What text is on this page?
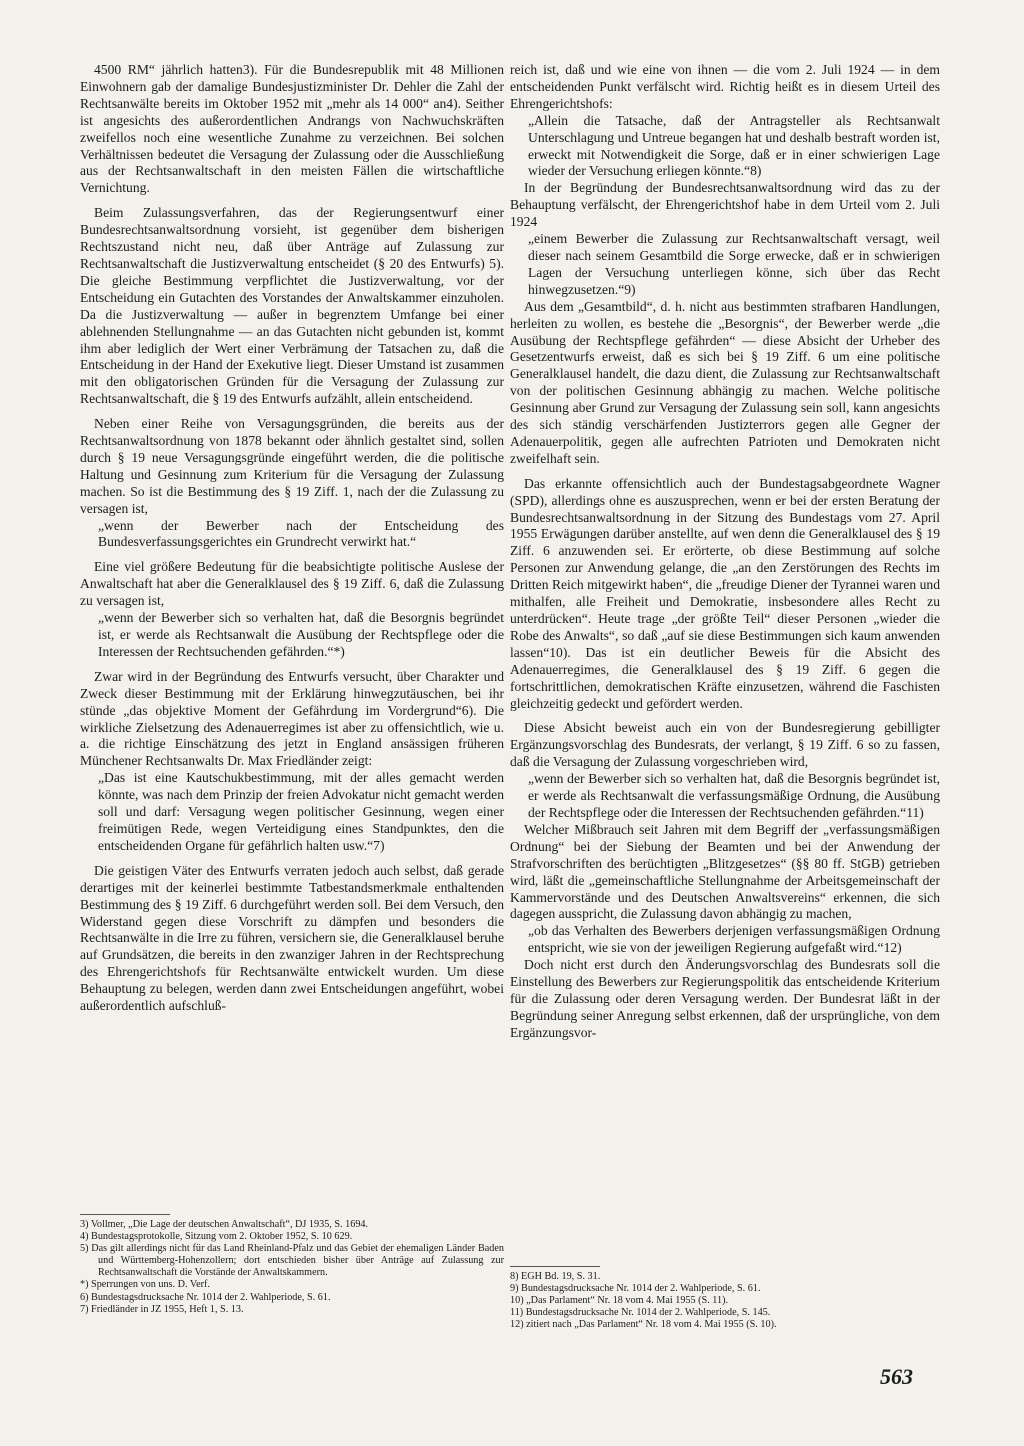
4500 RM“ jährlich hatten3). Für die Bundesrepublik mit 48 Millionen Einwohnern gab der damalige Bundesjustizminister Dr. Dehler die Zahl der Rechtsanwälte bereits im Oktober 1952 mit „mehr als 14 000“ an4). Seither ist angesichts des außerordentlichen Andrangs von Nachwuchskräften zweifellos noch eine wesentliche Zunahme zu verzeichnen. Bei solchen Verhältnissen bedeutet die Versagung der Zulassung oder die Ausschließung aus der Rechtsanwaltschaft in den meisten Fällen die wirtschaftliche Vernichtung.

Beim Zulassungsverfahren, das der Regierungsentwurf einer Bundesrechtsanwaltsordnung vorsieht, ist gegenüber dem bisherigen Rechtszustand nicht neu, daß über Anträge auf Zulassung zur Rechtsanwaltschaft die Justizverwaltung entscheidet (§ 20 des Entwurfs) 5). Die gleiche Bestimmung verpflichtet die Justizverwaltung, vor der Entscheidung ein Gutachten des Vorstandes der Anwaltskammer einzuholen. Da die Justizverwaltung — außer in begrenztem Umfange bei einer ablehnenden Stellungnahme — an das Gutachten nicht gebunden ist, kommt ihm aber lediglich der Wert einer Verbrämung der Tatsachen zu, daß die Entscheidung in der Hand der Exekutive liegt. Dieser Umstand ist zusammen mit den obligatorischen Gründen für die Versagung der Zulassung zur Rechtsanwaltschaft, die § 19 des Entwurfs aufzählt, allein entscheidend.

Neben einer Reihe von Versagungsgründen, die bereits aus der Rechtsanwaltsordnung von 1878 bekannt oder ähnlich gestaltet sind, sollen durch § 19 neue Versagungsgründe eingeführt werden, die die politische Haltung und Gesinnung zum Kriterium für die Versagung der Zulassung machen. So ist die Bestimmung des § 19 Ziff. 1, nach der die Zulassung zu versagen ist,

„wenn der Bewerber nach der Entscheidung des Bundesverfassungsgerichtes ein Grundrecht verwirkt hat.“

Eine viel größere Bedeutung für die beabsichtigte politische Auslese der Anwaltschaft hat aber die Generalklausel des § 19 Ziff. 6, daß die Zulassung zu versagen ist,

„wenn der Bewerber sich so verhalten hat, daß die Besorgnis begründet ist, er werde als Rechtsanwalt die Ausübung der Rechtspflege oder die Interessen der Rechtsuchenden gefährden.“*)

Zwar wird in der Begründung des Entwurfs versucht, über Charakter und Zweck dieser Bestimmung mit der Erklärung hinwegzutäuschen, bei ihr stünde „das objektive Moment der Gefährdung im Vordergrund“6). Die wirkliche Zielsetzung des Adenauerregimes ist aber zu offensichtlich, wie u. a. die richtige Einschätzung des jetzt in England ansässigen früheren Münchener Rechtsanwalts Dr. Max Friedländer zeigt:

„Das ist eine Kautschukbestimmung, mit der alles gemacht werden könnte, was nach dem Prinzip der freien Advokatur nicht gemacht werden soll und darf: Versagung wegen politischer Gesinnung, wegen einer freimütigen Rede, wegen Verteidigung eines Standpunktes, den die entscheidenden Organe für gefährlich halten usw.“7)

Die geistigen Väter des Entwurfs verraten jedoch auch selbst, daß gerade derartiges mit der keinerlei bestimmte Tatbestandsmerkmale enthaltenden Bestimmung des § 19 Ziff. 6 durchgeführt werden soll. Bei dem Versuch, den Widerstand gegen diese Vorschrift zu dämpfen und besonders die Rechtsanwälte in die Irre zu führen, versichern sie, die Generalklausel beruhe auf Grundsätzen, die bereits in den zwanziger Jahren in der Rechtsprechung des Ehrengerichtshofs für Rechtsanwälte entwickelt wurden. Um diese Behauptung zu belegen, werden dann zwei Entscheidungen angeführt, wobei außerordentlich aufschluß-

3) Vollmer, „Die Lage der deutschen Anwaltschaft“, DJ 1935, S. 1694.

4) Bundestagsprotokolle, Sitzung vom 2. Oktober 1952, S. 10 629.

5) Das gilt allerdings nicht für das Land Rheinland-Pfalz und das Gebiet der ehemaligen Länder Baden und Württemberg-Hohenzollern; dort entschieden bisher über Anträge auf Zulassung zur Rechtsanwaltschaft die Vorstände der Anwaltskammern.

*) Sperrungen von uns. D. Verf.

6) Bundestagsdrucksache Nr. 1014 der 2. Wahlperiode, S. 61.

7) Friedländer in JZ 1955, Heft 1, S. 13.

reich ist, daß und wie eine von ihnen — die vom 2. Juli 1924 — in dem entscheidenden Punkt verfälscht wird. Richtig heißt es in diesem Urteil des Ehrengerichtshofs:

„Allein die Tatsache, daß der Antragsteller als Rechtsanwalt Unterschlagung und Untreue begangen hat und deshalb bestraft worden ist, erweckt mit Notwendigkeit die Sorge, daß er in einer schwierigen Lage wieder der Versuchung erliegen könnte.“8)

In der Begründung der Bundesrechtsanwaltsordnung wird das zu der Behauptung verfälscht, der Ehrengerichtshof habe in dem Urteil vom 2. Juli 1924

„einem Bewerber die Zulassung zur Rechtsanwaltschaft versagt, weil dieser nach seinem Gesamtbild die Sorge erwecke, daß er in schwierigen Lagen der Versuchung unterliegen könne, sich über das Recht hinwegzusetzen.“9)

Aus dem „Gesamtbild“, d. h. nicht aus bestimmten strafbaren Handlungen, herleiten zu wollen, es bestehe die „Besorgnis“, der Bewerber werde „die Ausübung der Rechtspflege gefährden“ — diese Absicht der Urheber des Gesetzentwurfs erweist, daß es sich bei § 19 Ziff. 6 um eine politische Generalklausel handelt, die dazu dient, die Zulassung zur Rechtsanwaltschaft von der politischen Gesinnung abhängig zu machen. Welche politische Gesinnung aber Grund zur Versagung der Zulassung sein soll, kann angesichts des sich ständig verschärfenden Justizterrors gegen alle Gegner der Adenauerpolitik, gegen alle aufrechten Patrioten und Demokraten nicht zweifelhaft sein.

Das erkannte offensichtlich auch der Bundestagsabgeordnete Wagner (SPD), allerdings ohne es auszusprechen, wenn er bei der ersten Beratung der Bundesrechtsanwaltsordnung in der Sitzung des Bundestags vom 27. April 1955 Erwägungen darüber anstellte, auf wen denn die Generalklausel des § 19 Ziff. 6 anzuwenden sei. Er erörterte, ob diese Bestimmung auf solche Personen zur Anwendung gelange, die „an den Zerstörungen des Rechts im Dritten Reich mitgewirkt haben“, die „freudige Diener der Tyrannei waren und mithalfen, alle Freiheit und Demokratie, insbesondere alles Recht zu unterdrücken“. Heute trage „der größte Teil“ dieser Personen „wieder die Robe des Anwalts“, so daß „auf sie diese Bestimmungen sich kaum anwenden lassen“10). Das ist ein deutlicher Beweis für die Absicht des Adenauerregimes, die Generalklausel des § 19 Ziff. 6 gegen die fortschrittlichen, demokratischen Kräfte einzusetzen, während die Faschisten gleichzeitig gedeckt und gefördert werden.

Diese Absicht beweist auch ein von der Bundesregierung gebilligter Ergänzungsvorschlag des Bundesrats, der verlangt, § 19 Ziff. 6 so zu fassen, daß die Versagung der Zulassung vorgeschrieben wird,

„wenn der Bewerber sich so verhalten hat, daß die Besorgnis begründet ist, er werde als Rechtsanwalt die verfassungsmäßige Ordnung, die Ausübung der Rechtspflege oder die Interessen der Rechtsuchenden gefährden.“11)

Welcher Mißbrauch seit Jahren mit dem Begriff der „verfassungsmäßigen Ordnung“ bei der Siebung der Beamten und bei der Anwendung der Strafvorschriften des berüchtigten „Blitzgesetzes“ (§§ 80 ff. StGB) getrieben wird, läßt die „gemeinschaftliche Stellungnahme der Arbeitsgemeinschaft der Kammervorstände und des Deutschen Anwaltsvereins“ erkennen, die sich dagegen ausspricht, die Zulassung davon abhängig zu machen,

„ob das Verhalten des Bewerbers derjenigen verfassungsmäßigen Ordnung entspricht, wie sie von der jeweiligen Regierung aufgefaßt wird.“12)

Doch nicht erst durch den Änderungsvorschlag des Bundesrats soll die Einstellung des Bewerbers zur Regierungspolitik das entscheidende Kriterium für die Zulassung oder deren Versagung werden. Der Bundesrat läßt in der Begründung seiner Anregung selbst erkennen, daß der ursprüngliche, von dem Ergänzungsvor-

8) EGH Bd. 19, S. 31.

9) Bundestagsdrucksache Nr. 1014 der 2. Wahlperiode, S. 61.

10) „Das Parlament“ Nr. 18 vom 4. Mai 1955 (S. 11).

11) Bundestagsdrucksache Nr. 1014 der 2. Wahlperiode, S. 145.

12) zitiert nach „Das Parlament“ Nr. 18 vom 4. Mai 1955 (S. 10).

563
